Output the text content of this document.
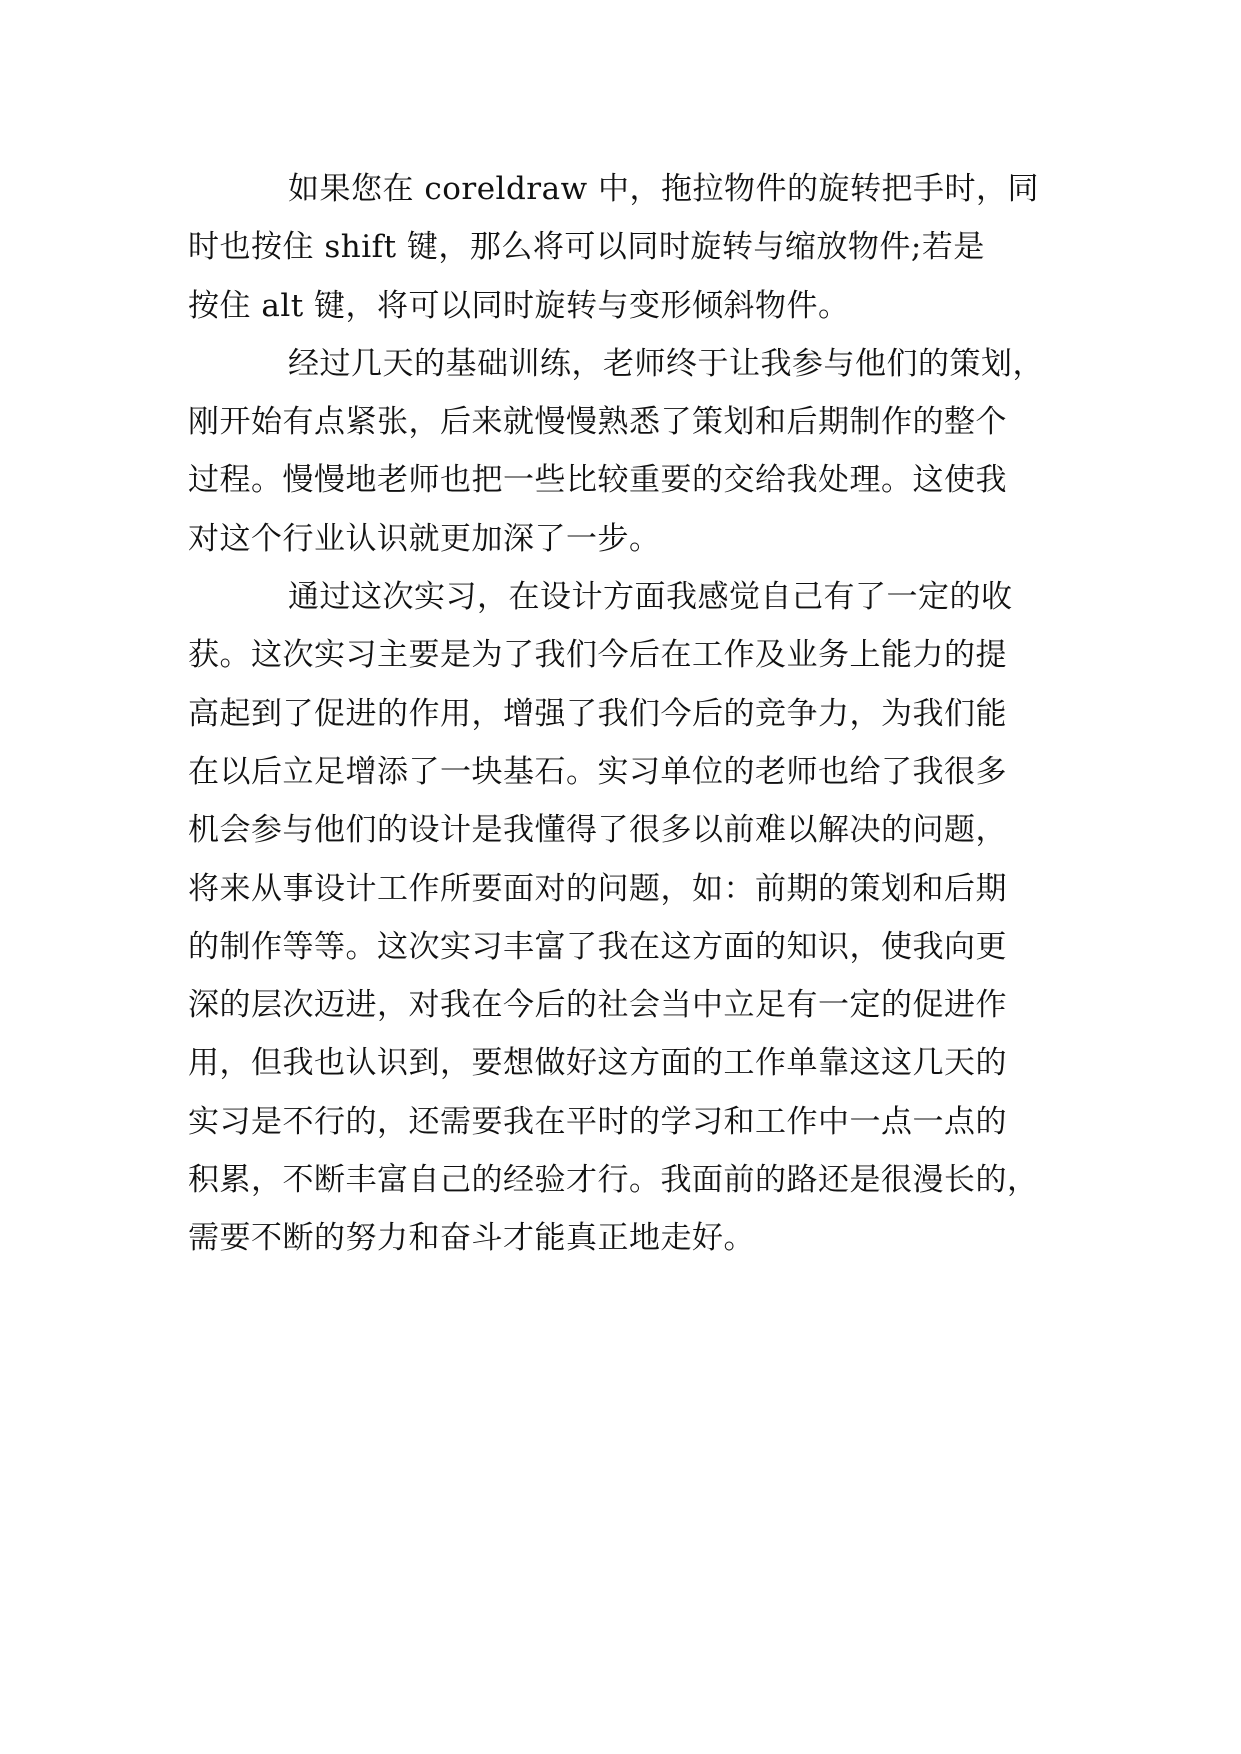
如果您在 coreldraw 中，拖拉物件的旋转把手时，同
时也按住 shift 键，那么将可以同时旋转与缩放物件;若是
按住 alt 键，将可以同时旋转与变形倾斜物件。
经过几天的基础训练，老师终于让我参与他们的策划，
刚开始有点紧张，后来就慢慢熟悉了策划和后期制作的整个
过程。慢慢地老师也把一些比较重要的交给我处理。这使我
对这个行业认识就更加深了一步。
通过这次实习，在设计方面我感觉自己有了一定的收
获。这次实习主要是为了我们今后在工作及业务上能力的提
高起到了促进的作用，增强了我们今后的竞争力，为我们能
在以后立足增添了一块基石。实习单位的老师也给了我很多
机会参与他们的设计是我懂得了很多以前难以解决的问题，
将来从事设计工作所要面对的问题，如：前期的策划和后期
的制作等等。这次实习丰富了我在这方面的知识，使我向更
深的层次迈进，对我在今后的社会当中立足有一定的促进作
用，但我也认识到，要想做好这方面的工作单靠这这几天的
实习是不行的，还需要我在平时的学习和工作中一点一点的
积累，不断丰富自己的经验才行。我面前的路还是很漫长的，
需要不断的努力和奋斗才能真正地走好。
